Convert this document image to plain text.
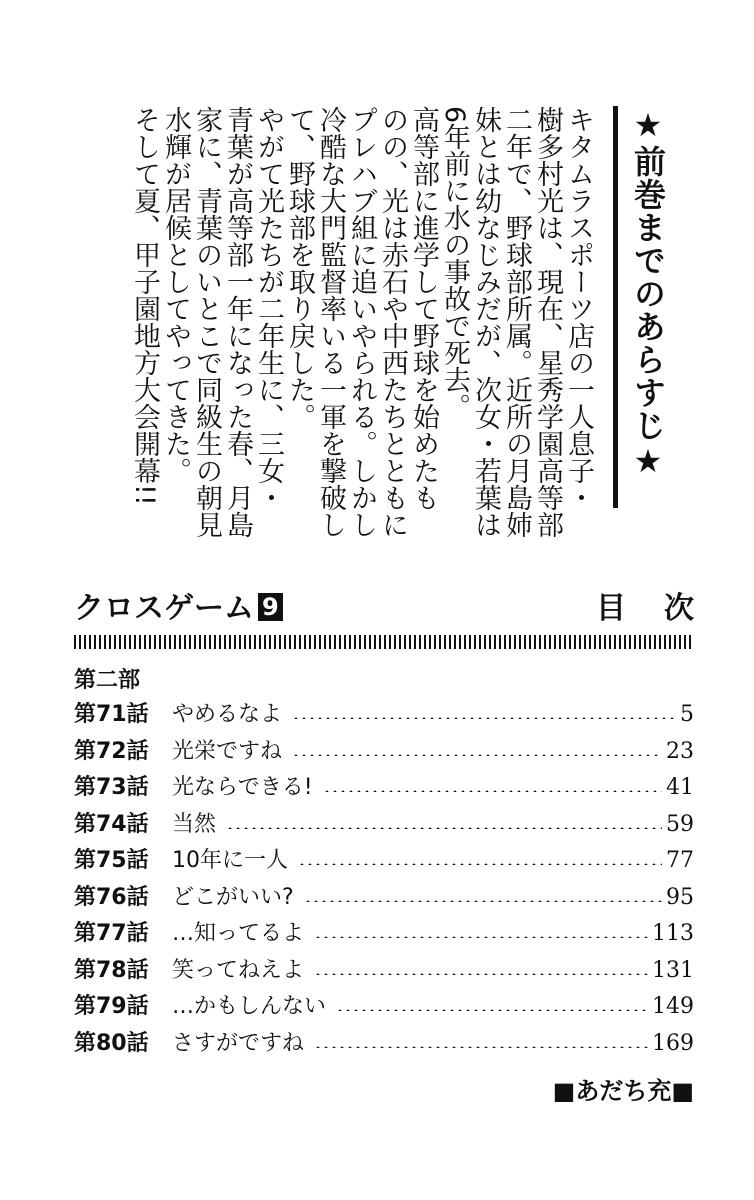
★前巻までのあらすじ★
キタムラスポーツ店の一人息子・
樹多村光は、現在、星秀学園高等部
二年で、野球部所属。近所の月島姉
妹とは幼なじみだが、次女・若葉は
6年前に水の事故で死去。
高等部に進学して野球を始めたも
のの、光は赤石や中西たちとともに
プレハブ組に追いやられる。しかし
冷酷な大門監督率いる一軍を撃破し
て、野球部を取り戻した。
やがて光たちが二年生に、三女・
青葉が高等部一年になった春、月島
家に、青葉のいとこで同級生の朝見
水輝が居候としてやってきた。
そして夏、甲子園地方大会開幕!!
クロスゲーム 9	目次
第二部
第71話	やめるなよ	5
第72話	光栄ですね	23
第73話	光ならできる!	41
第74話	当然	59
第75話	10年に一人	77
第76話	どこがいい?	95
第77話	…知ってるよ	113
第78話	笑ってねえよ	131
第79話	…かもしんない	149
第80話	さすがですね	169
■あだち充■
